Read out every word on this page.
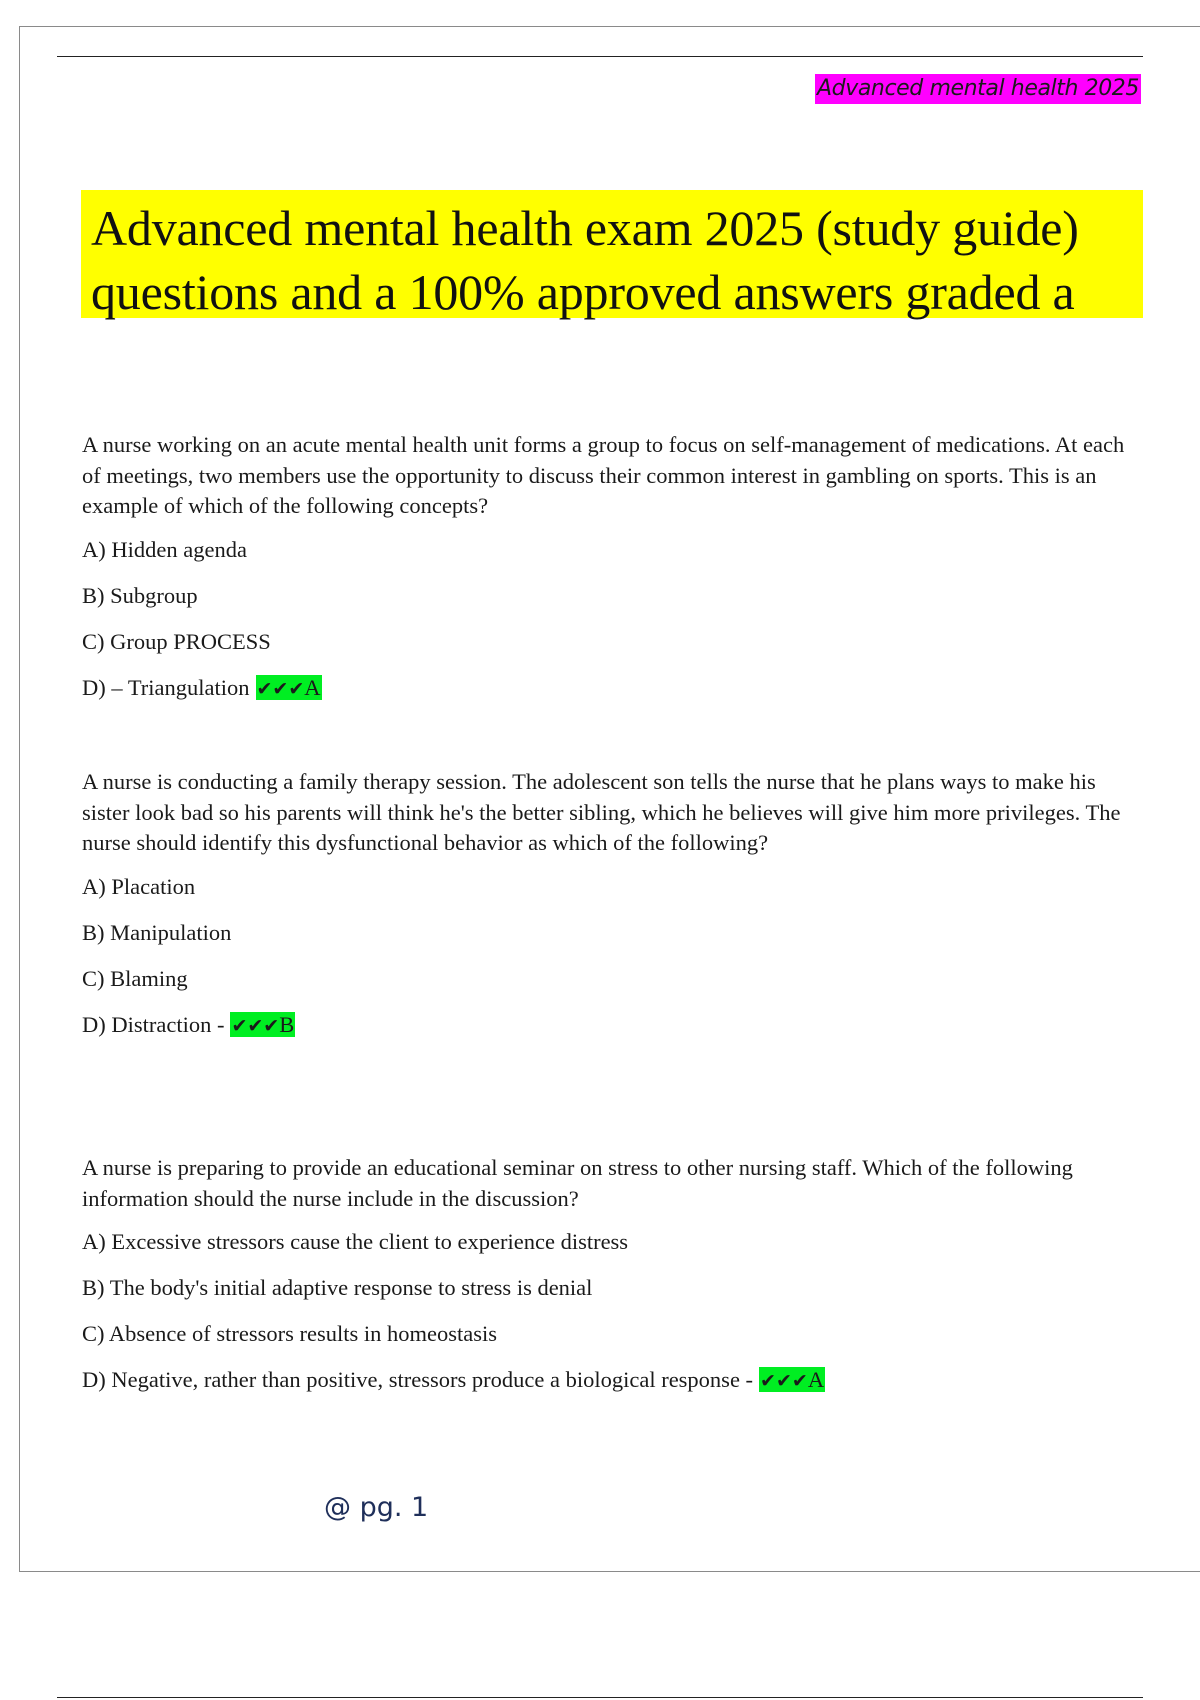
Advanced mental health 2025

Advanced mental health exam 2025 (study guide)

questions and a 100% approved answers graded a

A nurse working on an acute mental health unit forms a group to focus on self-management of medications. At each of meetings, two members use the opportunity to discuss their common interest in gambling on sports. This is an example of which of the following concepts?

A) Hidden agenda

B) Subgroup

C) Group PROCESS

D) – Triangulation ✔✔✔A

A nurse is conducting a family therapy session. The adolescent son tells the nurse that he plans ways to make his sister look bad so his parents will think he's the better sibling, which he believes will give him more privileges. The nurse should identify this dysfunctional behavior as which of the following?

A) Placation

B) Manipulation

C) Blaming

D) Distraction - ✔✔✔B

A nurse is preparing to provide an educational seminar on stress to other nursing staff. Which of the following information should the nurse include in the discussion?

A) Excessive stressors cause the client to experience distress

B) The body's initial adaptive response to stress is denial

C) Absence of stressors results in homeostasis

D) Negative, rather than positive, stressors produce a biological response - ✔✔✔A

@ pg. 1
